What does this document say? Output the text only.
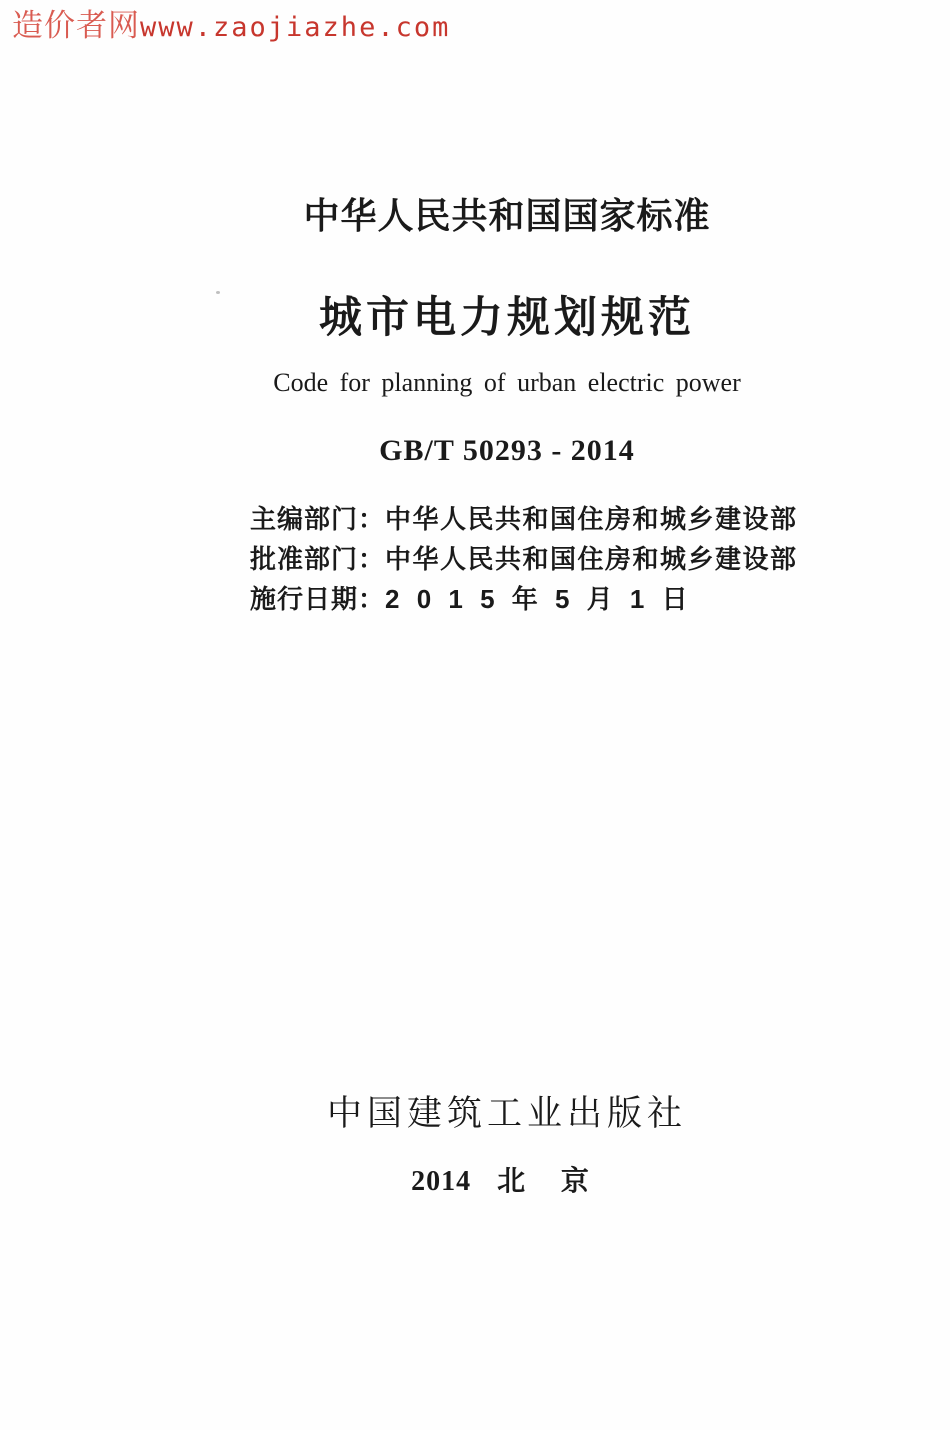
造价者网www.zaojiazhe.com
中华人民共和国国家标准
城市电力规划规范
Code for planning of urban electric power
GB/T 50293 - 2014
主编部门：中华人民共和国住房和城乡建设部
批准部门：中华人民共和国住房和城乡建设部
施行日期：2 0 1 5 年 5 月 1 日
中国建筑工业出版社
2014 北 京
